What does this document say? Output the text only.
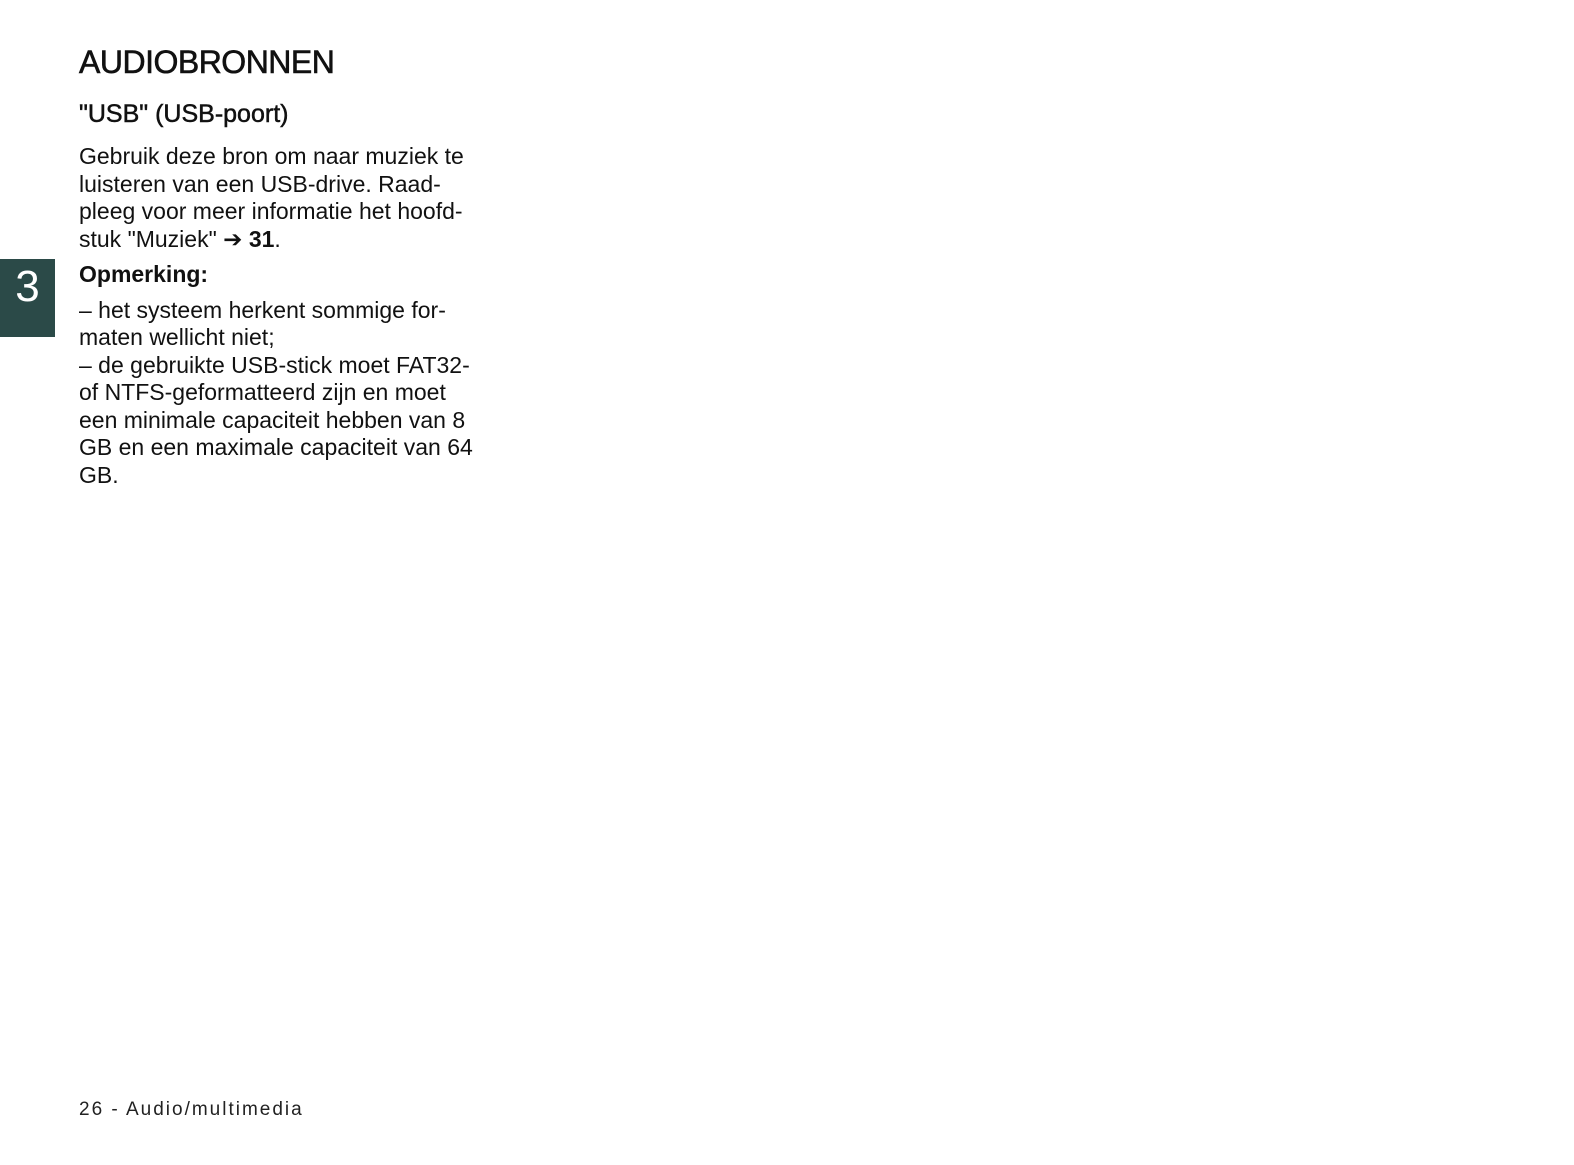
3
AUDIOBRONNEN
"USB" (USB-poort)

Gebruik deze bron om naar muziek te
luisteren van een USB-drive. Raad-
pleeg voor meer informatie het hoofd-
stuk "Muziek" ➔ 31.

Opmerking:

– het systeem herkent sommige for-
maten wellicht niet;
– de gebruikte USB-stick moet FAT32-
of NTFS-geformatteerd zijn en moet
een minimale capaciteit hebben van 8
GB en een maximale capaciteit van 64
GB.

26 - Audio/multimedia
